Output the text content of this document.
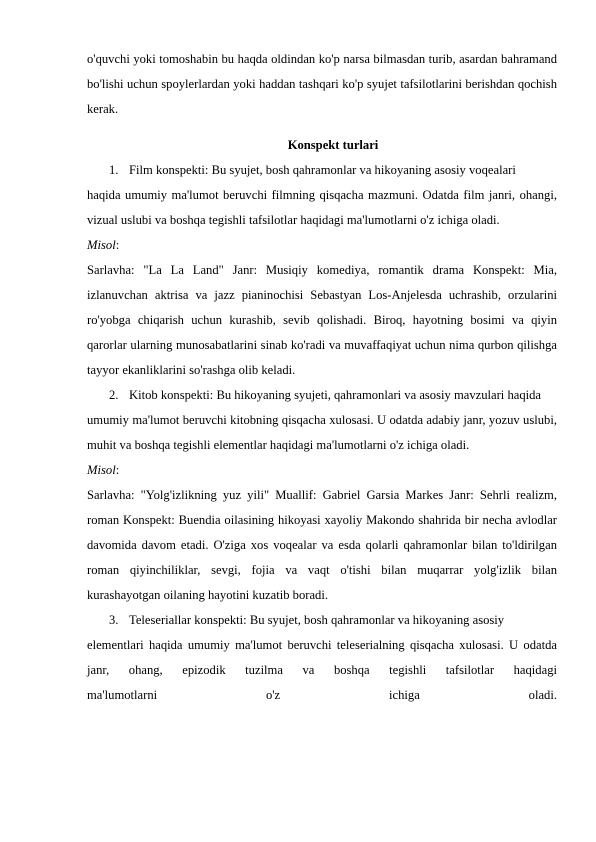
o'quvchi yoki tomoshabin bu haqda oldindan ko'p narsa bilmasdan turib, asardan bahramand bo'lishi uchun spoylerlardan yoki haddan tashqari ko'p syujet tafsilotlarini berishdan qochish kerak.

Konspekt turlari

1. Film konspekti: Bu syujet, bosh qahramonlar va hikoyaning asosiy voqealari

haqida umumiy ma'lumot beruvchi filmning qisqacha mazmuni. Odatda film janri, ohangi, vizual uslubi va boshqa tegishli tafsilotlar haqidagi ma'lumotlarni o'z ichiga oladi.

Misol:

Sarlavha: "La La Land" Janr: Musiqiy komediya, romantik drama Konspekt: Mia, izlanuvchan aktrisa va jazz pianinochisi Sebastyan Los-Anjelesda uchrashib, orzularini ro'yobga chiqarish uchun kurashib, sevib qolishadi. Biroq, hayotning bosimi va qiyin qarorlar ularning munosabatlarini sinab ko'radi va muvaffaqiyat uchun nima qurbon qilishga tayyor ekanliklarini so'rashga olib keladi.

2. Kitob konspekti: Bu hikoyaning syujeti, qahramonlari va asosiy mavzulari haqida

umumiy ma'lumot beruvchi kitobning qisqacha xulosasi. U odatda adabiy janr, yozuv uslubi, muhit va boshqa tegishli elementlar haqidagi ma'lumotlarni o'z ichiga oladi.

Misol:

Sarlavha: "Yolg'izlikning yuz yili" Muallif: Gabriel Garsia Markes Janr: Sehrli realizm, roman Konspekt: Buendia oilasining hikoyasi xayoliy Makondo shahrida bir necha avlodlar davomida davom etadi. O'ziga xos voqealar va esda qolarli qahramonlar bilan to'ldirilgan roman qiyinchiliklar, sevgi, fojia va vaqt o'tishi bilan muqarrar yolg'izlik bilan kurashayotgan oilaning hayotini kuzatib boradi.

3. Teleseriallar konspekti: Bu syujet, bosh qahramonlar va hikoyaning asosiy

elementlari haqida umumiy ma'lumot beruvchi teleserialning qisqacha xulosasi. U odatda janr, ohang, epizodik tuzilma va boshqa tegishli tafsilotlar haqidagi

ma'lumotlarni o'z ichiga oladi.
